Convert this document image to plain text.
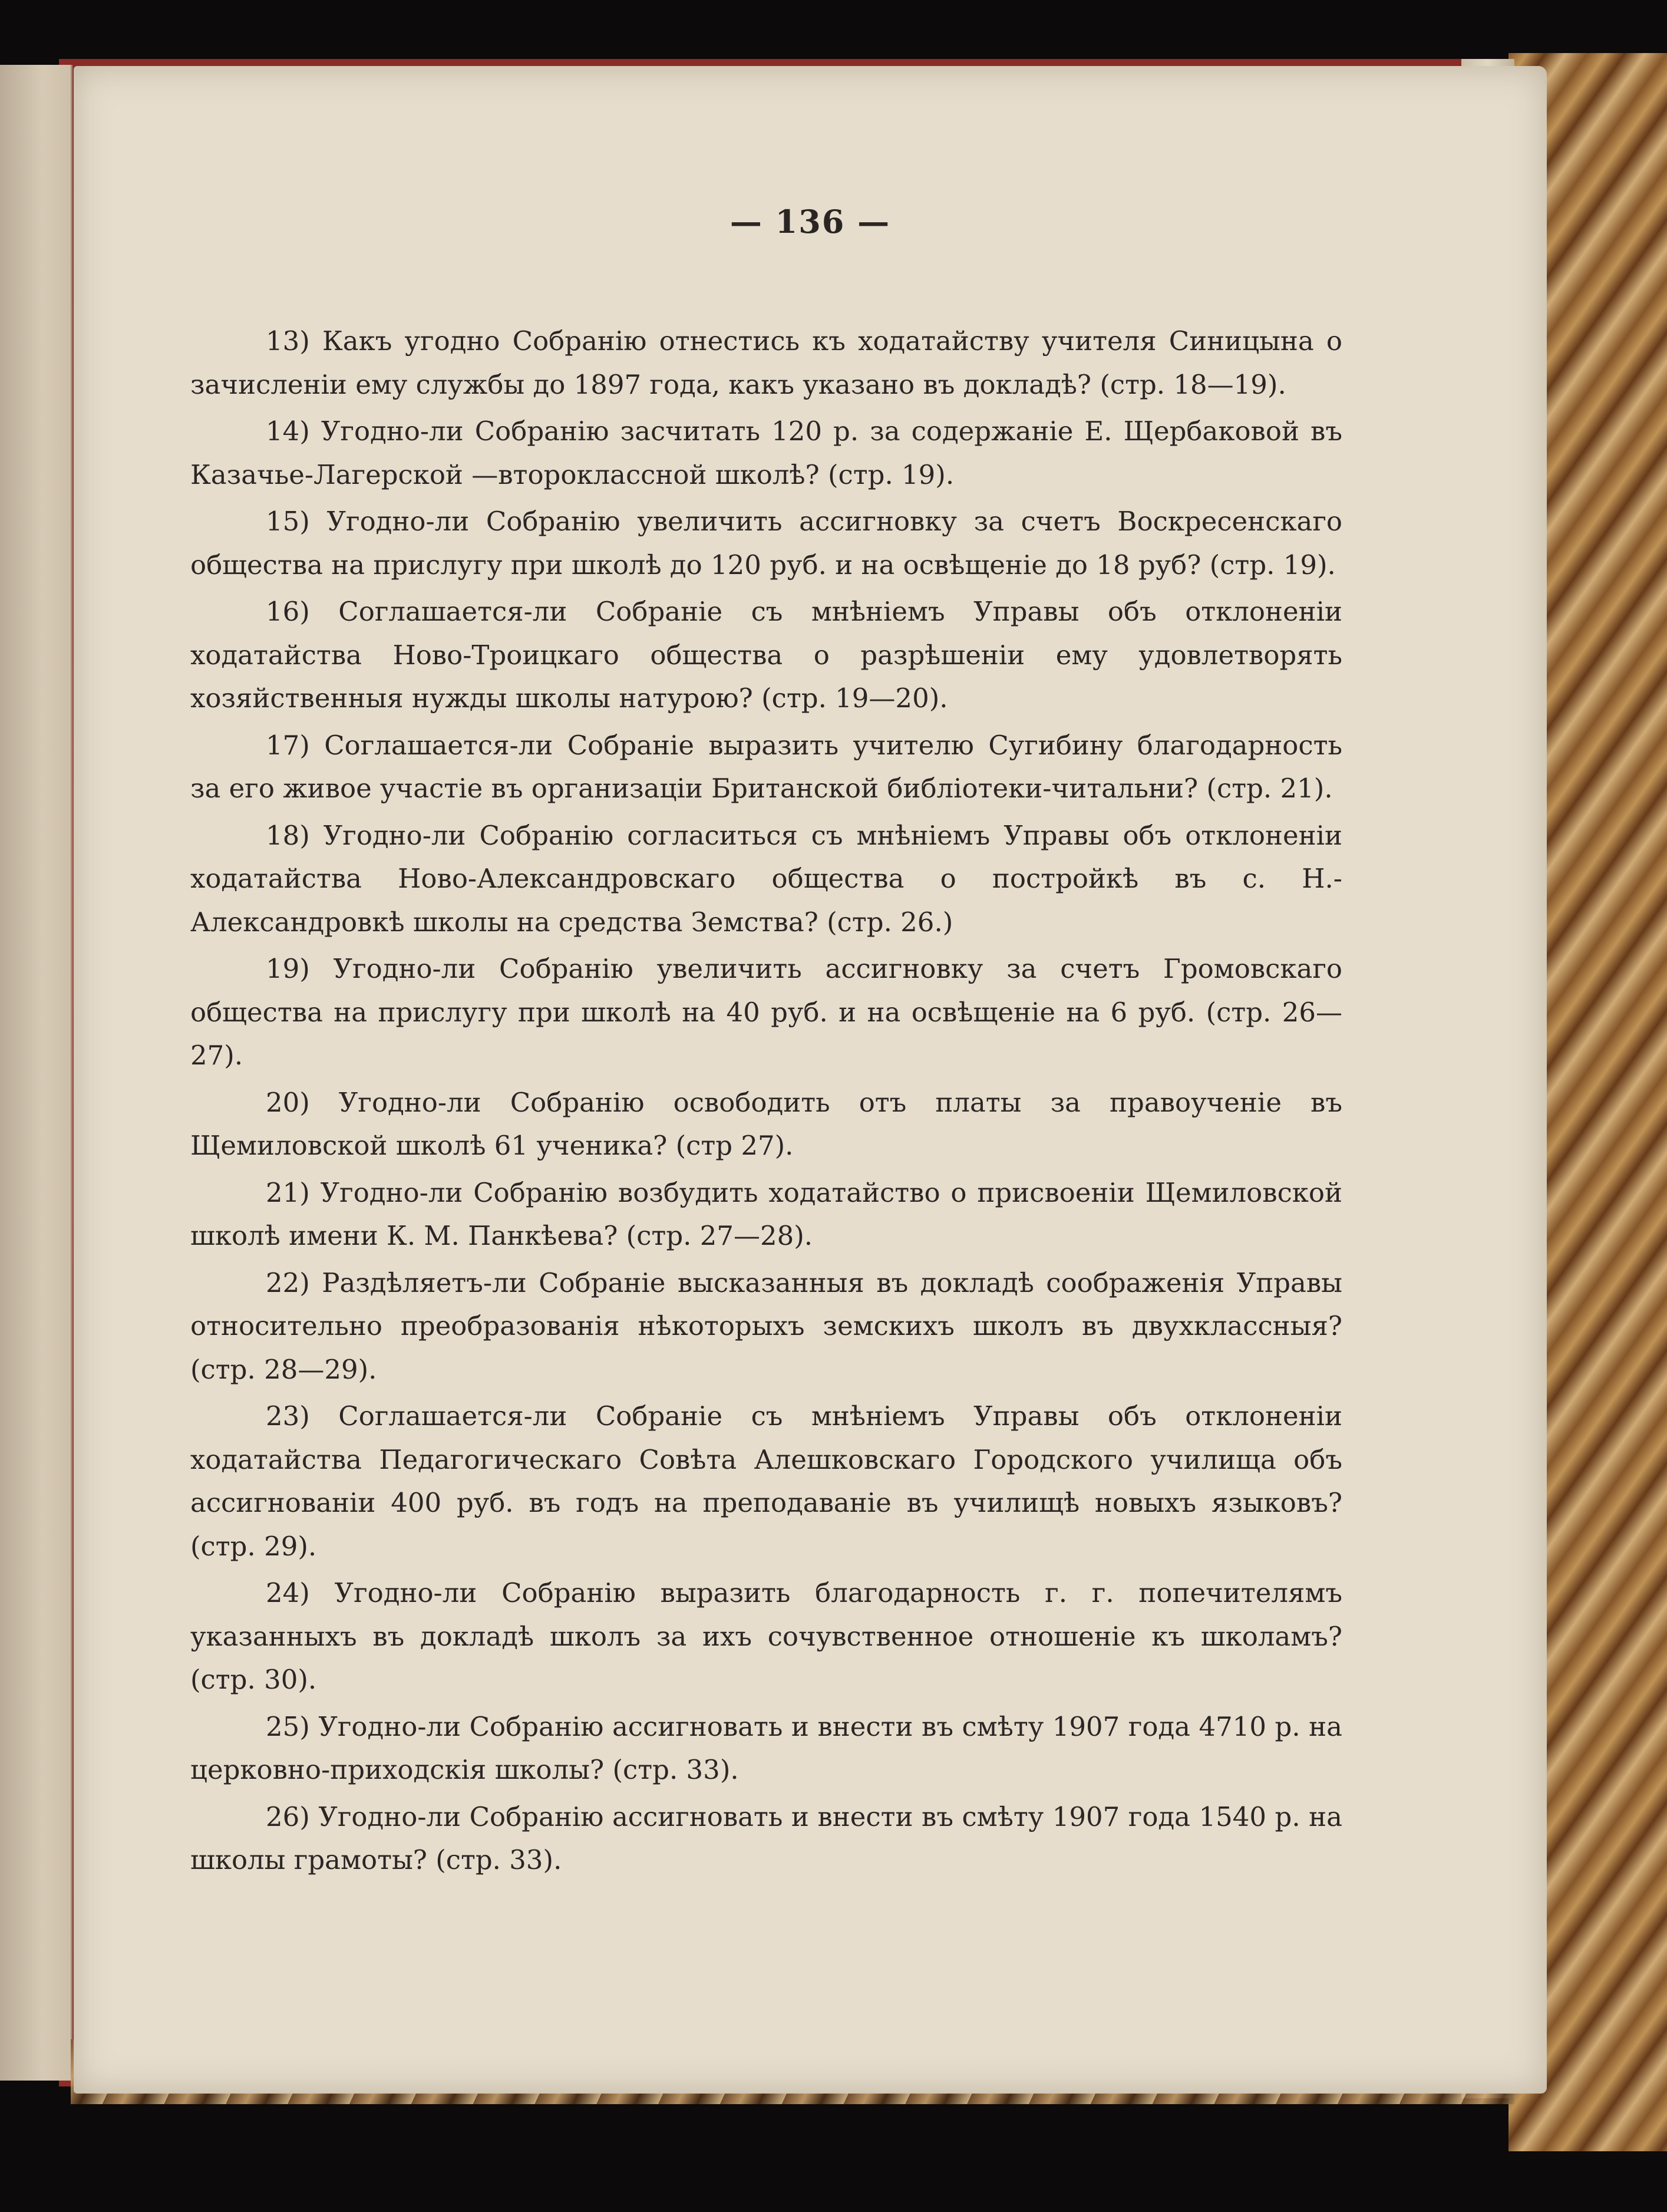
— 136 —

13) Какъ угодно Собранію отнестись къ ходатайству учителя Синицына о зачисленіи ему службы до 1897 года, какъ указано въ докладѣ? (стр. 18—19).

14) Угодно-ли Собранію засчитать 120 р. за содержаніе Е. Щербаковой въ Казачье-Лагерской —второклассной школѣ? (стр. 19).

15) Угодно-ли Собранію увеличить ассигновку за счетъ Воскресенскаго общества на прислугу при школѣ до 120 руб. и на освѣщеніе до 18 руб? (стр. 19).

16) Соглашается-ли Собраніе съ мнѣніемъ Управы объ отклоненіи ходатайства Ново-Троицкаго общества о разрѣшеніи ему удовлетворять хозяйственныя нужды школы натурою? (стр. 19—20).

17) Соглашается-ли Собраніе выразить учителю Сугибину благодарность за его живое участіе въ организаціи Британской библіотеки-читальни? (стр. 21).

18) Угодно-ли Собранію согласиться съ мнѣніемъ Управы объ отклоненіи ходатайства Ново-Александровскаго общества о постройкѣ въ с. Н.-Александровкѣ школы на средства Земства? (стр. 26.)

19) Угодно-ли Собранію увеличить ассигновку за счетъ Громовскаго общества на прислугу при школѣ на 40 руб. и на освѣщеніе на 6 руб. (стр. 26—27).

20) Угодно-ли Собранію освободить отъ платы за правоученіе въ Щемиловской школѣ 61 ученика? (стр 27).

21) Угодно-ли Собранію возбудить ходатайство о присвоеніи Щемиловской школѣ имени К. М. Панкѣева? (стр. 27—28).

22) Раздѣляетъ-ли Собраніе высказанныя въ докладѣ соображенія Управы относительно преобразованія нѣкоторыхъ земскихъ школъ въ двухклассныя? (стр. 28—29).

23) Соглашается-ли Собраніе съ мнѣніемъ Управы объ отклоненіи ходатайства Педагогическаго Совѣта Алешковскаго Городского училища объ ассигнованіи 400 руб. въ годъ на преподаваніе въ училищѣ новыхъ языковъ? (стр. 29).

24) Угодно-ли Собранію выразить благодарность г. г. попечителямъ указанныхъ въ докладѣ школъ за ихъ сочувственное отношеніе къ школамъ? (стр. 30).

25) Угодно-ли Собранію ассигновать и внести въ смѣту 1907 года 4710 р. на церковно-приходскія школы? (стр. 33).

26) Угодно-ли Собранію ассигновать и внести въ смѣту 1907 года 1540 р. на школы грамоты? (стр. 33).
